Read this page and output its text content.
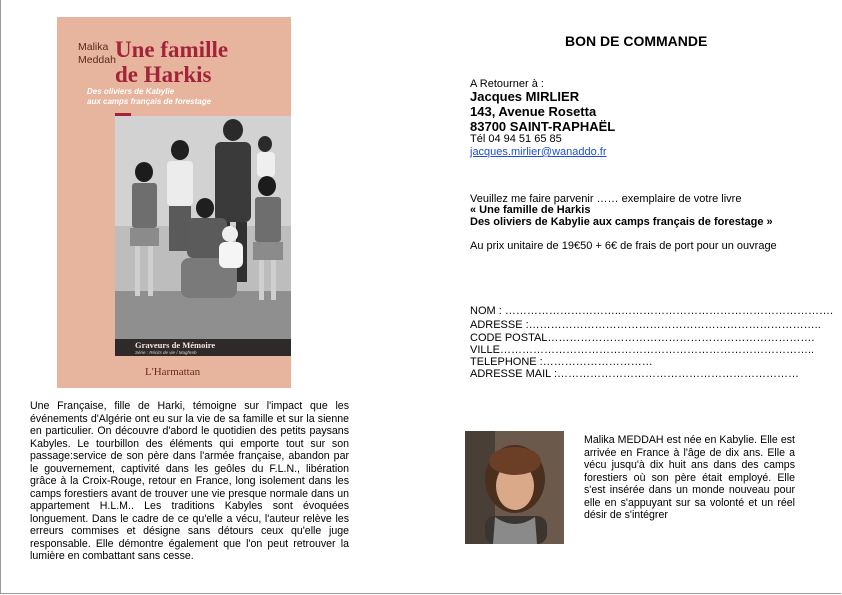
Malika
Meddah Une famille
de Harkis
Des oliviers de Kabylie
aux camps français de forestage
Graveurs de Mémoire
Série : Récits de vie / Maghreb
L'Harmattan
Une Française, fille de Harki, témoigne sur l'impact que les événements d'Algérie ont eu sur la vie de sa famille et sur la sienne en particulier. On découvre d'abord le quotidien des petits paysans Kabyles. Le tourbillon des éléments qui emporte tout sur son passage:service de son père dans l'armée française, abandon par le gouvernement, captivité dans les geôles du F.L.N., libération grâce à la Croix-Rouge, retour en France, long isolement dans les camps forestiers avant de trouver une vie presque normale dans un appartement H.L.M.. Les traditions Kabyles sont évoquées longuement. Dans le cadre de ce qu'elle a vécu, l'auteur relève les erreurs commises et désigne sans détours ceux qu'elle juge responsable. Elle démontre également que l'on peut retrouver la lumière en combattant sans cesse.
BON DE COMMANDE
A Retourner à :
Jacques MIRLIER
143, Avenue Rosetta
83700 SAINT-RAPHAËL
Tél 04 94 51 65 85
jacques.mirlier@wanaddo.fr
Veuillez me faire parvenir …… exemplaire de votre livre
« Une famille de Harkis
Des oliviers de Kabylie aux camps français de forestage »
Au prix unitaire de 19€50 + 6€ de frais de port pour un ouvrage
NOM : …………………………..………………………………………………….
ADRESSE :……………………………………………………………………..
CODE POSTAL……………………………………………………………….
VILLE…………………………………………………………………………..
TELEPHONE :…………………………
ADRESSE MAIL :…………………………………………………………
Malika MEDDAH est née en Kabylie. Elle est arrivée en France à l'âge de dix ans. Elle a vécu jusqu'à dix huit ans dans des camps forestiers où son père était employé. Elle s'est insérée dans un monde nouveau pour elle en s'appuyant sur sa volonté et un réel désir de s'intégrer
